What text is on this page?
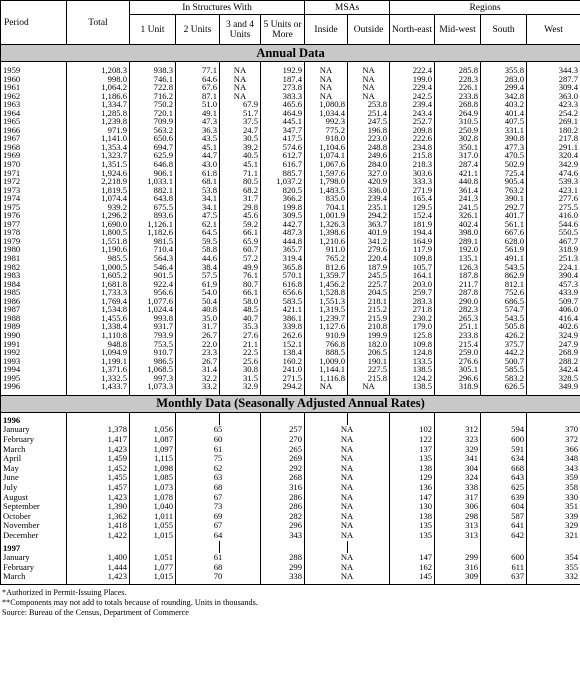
Period	Total	In Structures With				MSAs		Regions			
		1 Unit	2 Units	3 and 4 Units	5 Units or More	Inside	Outside	North-east	Mid-west	South	West
Annual Data											
1959	1,208.3	938.3	77.1	NA	192.9	NA	NA	222.4	285.8	355.8	344.3
1960	998.0	746.1	64.6	NA	187.4	NA	NA	199.0	228.3	283.0	287.7
1961	1,064.2	722.8	67.6	NA	273.8	NA	NA	229.4	226.1	299.4	309.4
1962	1,186.6	716.2	87.1	NA	383.3	NA	NA	242.5	233.8	342.8	363.0
1963	1,334.7	750.2	51.0	67.9	465.6	1,080.8	253.8	239.4	268.8	403.2	423.3
1964	1,285.8	720.1	49.1	51.7	464.9	1,034.4	251.4	243.4	264.9	401.4	254.2
1965	1,239.8	709.9	47.3	37.5	445.1	992.3	247.5	252.7	310.5	407.5	269.1
1966	971.9	563.2	36.3	24.7	347.7	775.2	196.8	209.8	250.9	331.1	180.2
1967	1,141.0	650.6	43.5	30.5	417.5	918.0	223.0	222.6	302.8	390.8	217.8
1968	1,353.4	694.7	45.1	39.2	574.6	1,104.6	248.8	234.8	350.1	477.3	291.1
1969	1,323.7	625.9	44.7	40.5	612.7	1,074.1	249.6	215.8	317.0	470.5	320.4
1970	1,351.5	646.8	43.0	45.1	616.7	1,067.6	284.0	218.3	287.4	502.9	342.9
1971	1,924.6	906.1	61.8	71.1	885.7	1,597.6	327.0	303.6	421.1	725.4	474.6
1972	2,218.9	1,033.1	68.1	80.5	1,037.2	1,798.0	420.9	333.3	440.8	905.4	539.3
1973	1,819.5	882.1	53.8	68.2	820.5	1,483.5	336.0	271.9	361.4	763.2	423.1
1974	1,074.4	643.8	34.1	31.7	366.2	835.0	239.4	165.4	241.3	390.1	277.6
1975	939.2	675.5	34.1	29.8	199.8	704.1	235.1	129.5	241.5	292.7	275.5
1976	1,296.2	893.6	47.5	45.6	309.5	1,001.9	294.2	152.4	326.1	401.7	416.0
1977	1,690.0	1,126.1	62.1	59.2	442.7	1,326.3	363.7	181.9	402.4	561.1	544.6
1978	1,800.5	1,182.6	64.5	66.1	487.3	1,398.6	401.9	194.4	398.0	667.6	550.5
1979	1,551.8	981.5	59.5	65.9	444.8	1,210.6	341.2	164.9	289.1	628.0	467.7
1980	1,190.6	710.4	58.8	60.7	365.7	911.0	279.6	117.9	192.0	561.9	318.9
1981	985.5	564.3	44.6	57.2	319.4	765.2	220.4	109.8	135.1	491.1	251.3
1982	1,000.5	546.4	38.4	49.9	365.8	812.6	187.9	105.7	126.3	543.5	224.1
1983	1,605.2	901.5	57.5	76.1	570.1	1,359.7	245.5	164.1	187.8	862.9	390.4
1984	1,681.8	922.4	61.9	80.7	616.8	1,456.2	225.7	203.0	211.7	812.1	457.3
1985	1,733.3	956.6	54.0	66.1	656.6	1,528.8	204.5	259.7	287.8	752.6	433.9
1986	1,769.4	1,077.6	50.4	58.0	583.5	1,551.3	218.1	283.3	290.0	686.5	509.7
1987	1,534.8	1,024.4	40.8	48.5	421.1	1,319.5	215.2	271.8	282.3	574.7	406.0
1988	1,455.6	993.8	35.0	40.7	386.1	1,239.7	215.9	230.2	265.3	543.5	416.4
1989	1,338.4	931.7	31.7	35.3	339.8	1,127.6	210.8	179.0	251.1	505.8	402.6
1990	1,110.8	793.9	26.7	27.6	262.6	910.9	199.9	125.8	233.8	426.2	324.9
1991	948.8	753.5	22.0	21.1	152.1	766.8	182.0	109.8	215.4	375.7	247.9
1992	1,094.9	910.7	23.3	22.5	138.4	888.5	206.5	124.8	259.0	442.2	268.9
1993	1,199.1	986.5	26.7	25.6	160.2	1,009.0	190.1	133.5	276.6	500.7	288.2
1994	1,371.6	1,068.5	31.4	30.8	241.0	1,144.1	227.5	138.5	305.1	585.5	342.4
1995	1,332.5	997.3	32.2	31.5	271.5	1,116.8	215.8	124.2	296.6	583.2	328.5
1996	1,433.7	1,073.3	33.2	32.9	294.2	NA	NA	138.5	318.9	626.5	349.9
Monthly Data (Seasonally Adjusted Annual Rates)											
1996											
January	1,378	1,056	65		257	NA		102	312	594	370
February	1,417	1,087	60		270	NA		122	323	600	372
March	1,423	1,097	61		265	NA		137	329	591	366
April	1,459	1,115	75		269	NA		135	341	634	348
May	1,452	1,098	62		292	NA		138	304	668	343
June	1,455	1,085	63		268	NA		129	324	643	359
July	1,457	1,073	68		316	NA		136	338	625	358
August	1,423	1,078	67		286	NA		147	317	639	330
September	1,390	1,040	73		286	NA		130	306	604	351
October	1,362	1,011	69		282	NA		138	298	587	339
November	1,418	1,055	67		296	NA		135	313	641	329
December	1,422	1,015	64		343	NA		135	313	642	321
1997											
January	1,400	1,051	61		288	NA		147	299	600	354
February	1,444	1,077	68		299	NA		162	316	611	355
March	1,423	1,015	70		338	NA		145	309	637	332
*Authorized in Permit-Issuing Places.
**Components may not add to totals because of rounding. Units in thousands.
Source: Bureau of the Census, Department of Commerce
